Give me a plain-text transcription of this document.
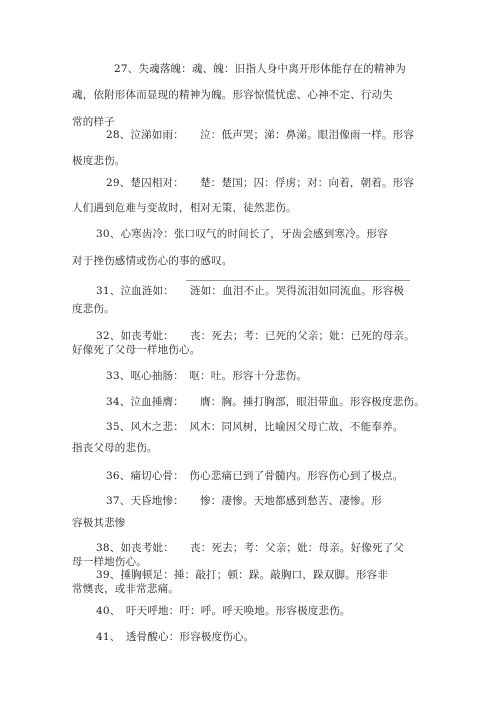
27、失魂落魄：魂、魄：旧指人身中离开形体能存在的精神为
魂，依附形体而显现的精神为魄。形容惊慌忧虑、心神不定、行动失
常的样子
28、泣涕如雨：　　泣：低声哭；涕：鼻涕。眼泪像雨一样。形容
极度悲伤。
29、楚囚相对：　　楚：楚国；囚：俘虏；对：向着，朝着。形容
人们遇到危难与变故时，相对无策，徒然悲伤。
30、心寒齿冷：张口叹气的时间长了，牙齿会感到寒冷。形容
对于挫伤感情或伤心的事的感叹。
31、泣血涟如：　　涟如：血泪不止。哭得流泪如同流血。形容极
度悲伤。
32、如丧考妣：　　丧：死去；考：已死的父亲；妣：已死的母亲。
好像死了父母一样地伤心。
33、呕心抽肠：　呕：吐。形容十分悲伤。
34、泣血捶膺：　　膺：胸。捶打胸部，眼泪带血。形容极度悲伤。
35、风木之悲：　风木：同风树，比喻因父母亡故，不能奉养。
指丧父母的悲伤。
36、痛切心骨：　伤心悲痛已到了骨髓内。形容伤心到了极点。
37、天昏地惨：　　惨：凄惨。天地都感到愁苦、凄惨。形
容极其悲惨
38、如丧考妣：　　丧：死去；考：父亲；妣：母亲。好像死了父
母一样地伤心。
39、捶胸顿足：捶：敲打；顿：跺。敲胸口，跺双脚。形容非
常懊丧，或非常悲痛。
40、　吁天呼地：吁：呼。呼天唤地。形容极度悲伤。
41、　透骨酸心：形容极度伤心。
